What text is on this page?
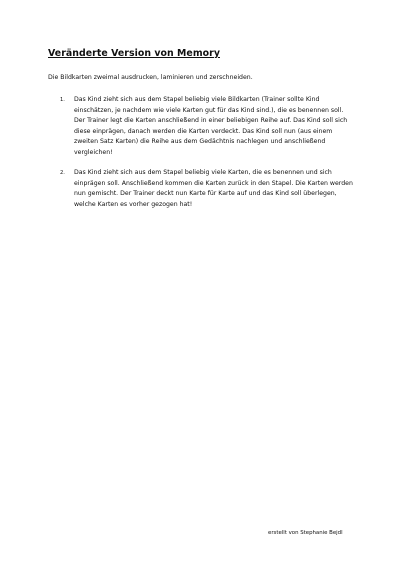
Veränderte Version von Memory
Die Bildkarten zweimal ausdrucken, laminieren und zerschneiden.
1. Das Kind zieht sich aus dem Stapel beliebig viele Bildkarten (Trainer sollte Kind einschätzen, je nachdem wie viele Karten gut für das Kind sind.), die es benennen soll.
Der Trainer legt die Karten anschließend in einer beliebigen Reihe auf. Das Kind soll sich diese einprägen, danach werden die Karten verdeckt. Das Kind soll nun (aus einem zweiten Satz Karten) die Reihe aus dem Gedächtnis nachlegen und anschließend vergleichen!
2. Das Kind zieht sich aus dem Stapel beliebig viele Karten, die es benennen und sich einprägen soll. Anschließend kommen die Karten zurück in den Stapel. Die Karten werden nun gemischt. Der Trainer deckt nun Karte für Karte auf und das Kind soll überlegen, welche Karten es vorher gezogen hat!
erstellt von Stephanie Bejdl
